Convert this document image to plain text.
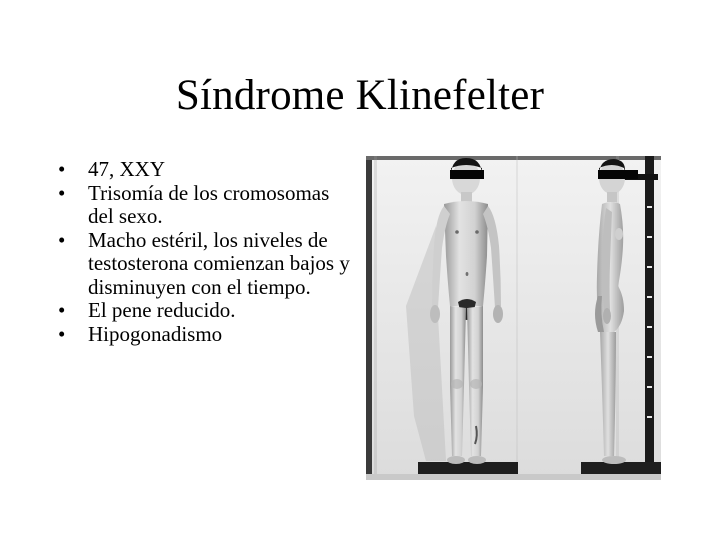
Síndrome Klinefelter
•	47, XXY
•	Trisomía de los cromosomas del sexo.
•	Macho estéril, los niveles de testosterona comienzan bajos y disminuyen con el tiempo.
•	El pene reducido.
•	Hipogonadismo
